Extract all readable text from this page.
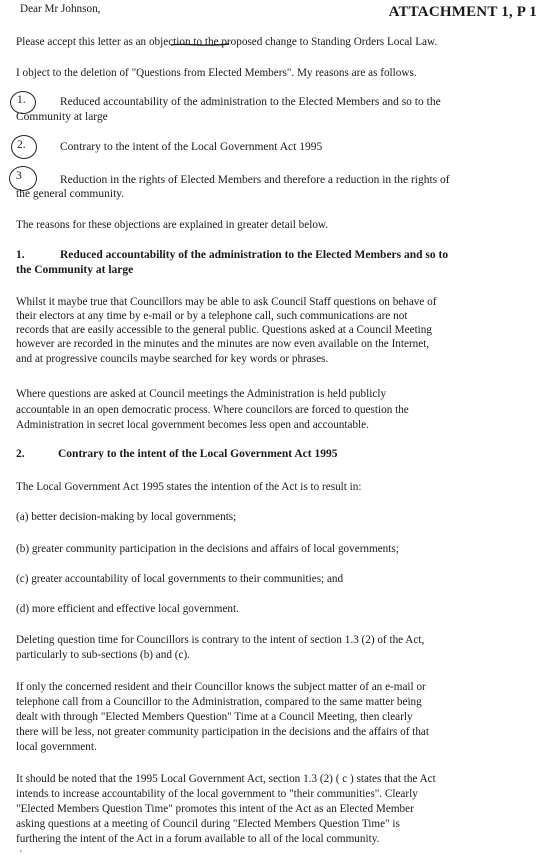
Dear Mr Johnson,	ATTACHMENT 1, P 1
Please accept this letter as an objection to the proposed change to Standing Orders Local Law.
I object to the deletion of "Questions from Elected Members". My reasons are as follows.
1.	Reduced accountability of the administration to the Elected Members and so to the
Community at large
2.	Contrary to the intent of the Local Government Act 1995
3	Reduction in the rights of Elected Members and therefore a reduction in the rights of
the general community.
The reasons for these objections are explained in greater detail below.
1.	Reduced accountability of the administration to the Elected Members and so to
the Community at large
Whilst it maybe true that Councillors may be able to ask Council Staff questions on behave of
their electors at any time by e-mail or by a telephone call, such communications are not
records that are easily accessible to the general public. Questions asked at a Council Meeting
however are recorded in the minutes and the minutes are now even available on the Internet,
and at progressive councils maybe searched for key words or phrases.
Where questions are asked at Council meetings the Administration is held publicly
accountable in an open democratic process. Where councilors are forced to question the
Administration in secret local government becomes less open and accountable.
2.	Contrary to the intent of the Local Government Act 1995
The Local Government Act 1995 states the intention of the Act is to result in:
(a) better decision-making by local governments;
(b) greater community participation in the decisions and affairs of local governments;
(c) greater accountability of local governments to their communities; and
(d) more efficient and effective local government.
Deleting question time for Councillors is contrary to the intent of section 1.3 (2) of the Act,
particularly to sub-sections (b) and (c).
If only the concerned resident and their Councillor knows the subject matter of an e-mail or
telephone call from a Councillor to the Administration, compared to the same matter being
dealt with through "Elected Members Question" Time at a Council Meeting, then clearly
there will be less, not greater community participation in the decisions and the affairs of that
local government.
It should be noted that the 1995 Local Government Act, section 1.3 (2) ( c ) states that the Act
intends to increase accountability of the local government to "their communities". Clearly
"Elected Members Question Time" promotes this intent of the Act as an Elected Member
asking questions at a meeting of Council during "Elected Members Question Time" is
furthering the intent of the Act in a forum available to all of the local community.
'
